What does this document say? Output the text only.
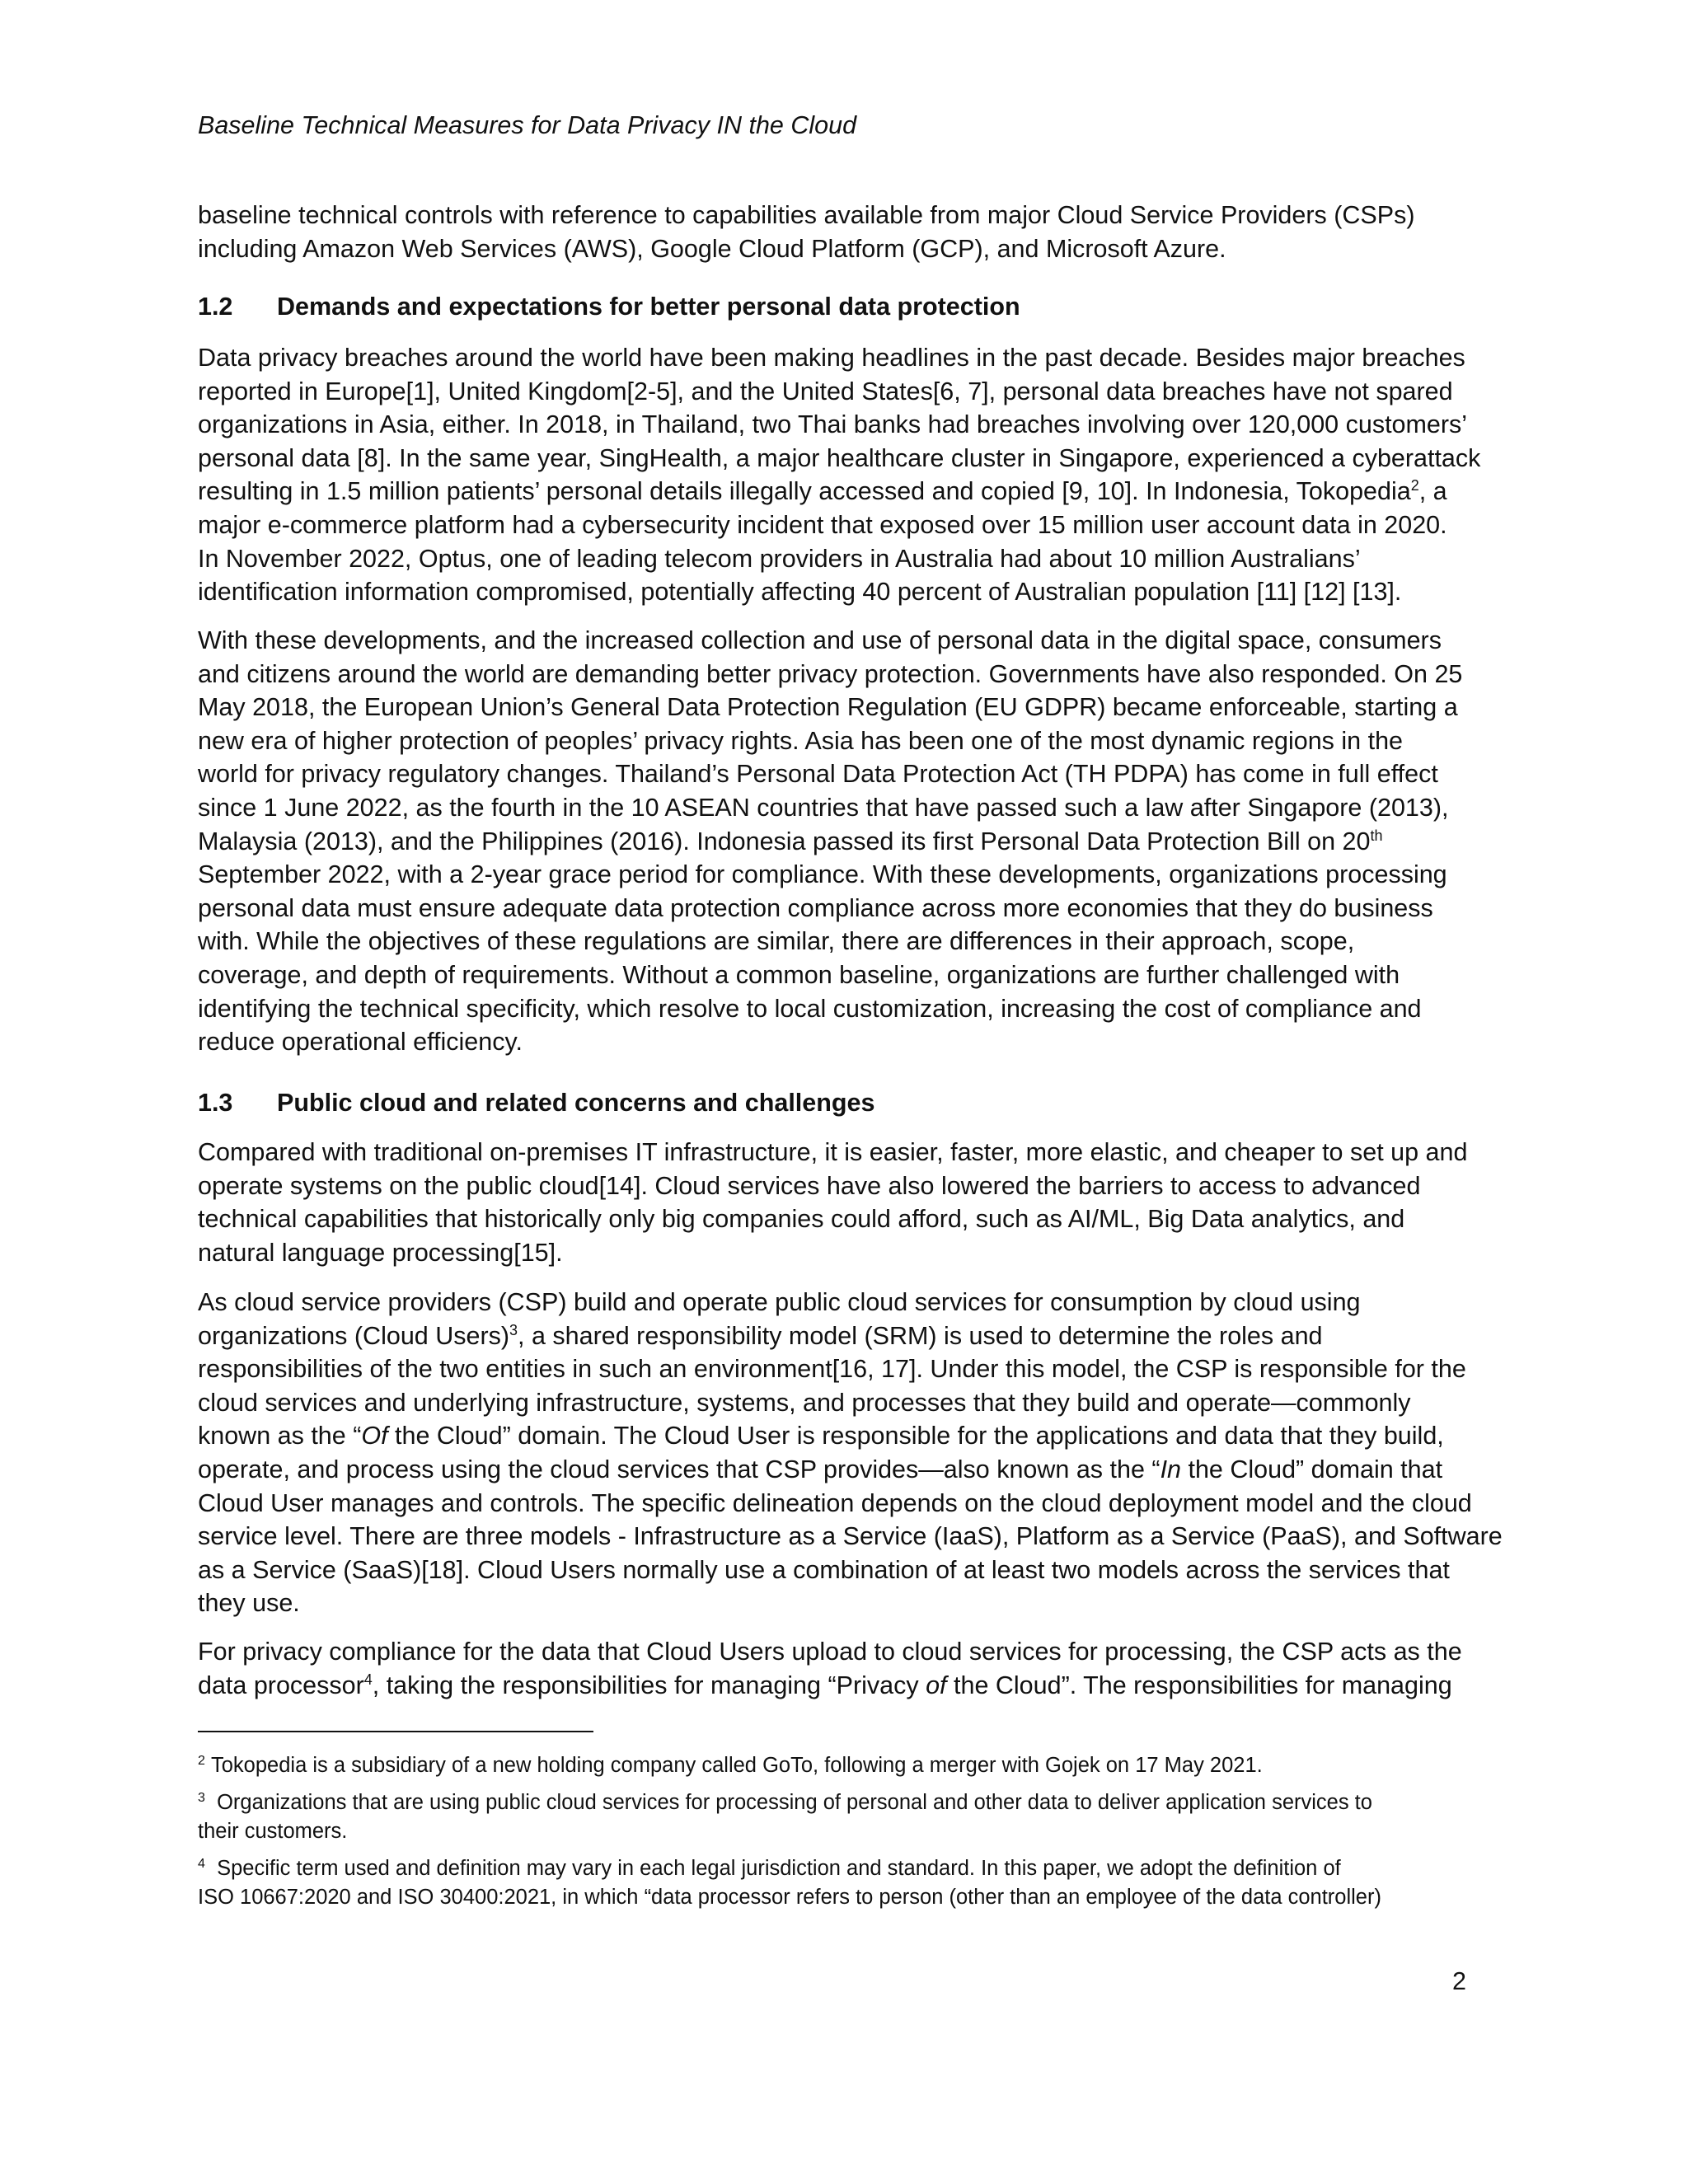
Baseline Technical Measures for Data Privacy IN the Cloud

baseline technical controls with reference to capabilities available from major Cloud Service Providers (CSPs)
including Amazon Web Services (AWS), Google Cloud Platform (GCP), and Microsoft Azure.

1.2 Demands and expectations for better personal data protection

Data privacy breaches around the world have been making headlines in the past decade. Besides major breaches
reported in Europe[1], United Kingdom[2-5], and the United States[6, 7], personal data breaches have not spared
organizations in Asia, either. In 2018, in Thailand, two Thai banks had breaches involving over 120,000 customers’
personal data [8]. In the same year, SingHealth, a major healthcare cluster in Singapore, experienced a cyberattack
resulting in 1.5 million patients’ personal details illegally accessed and copied [9, 10]. In Indonesia, Tokopedia$^2$, a
major e-commerce platform had a cybersecurity incident that exposed over 15 million user account data in 2020.
In November 2022, Optus, one of leading telecom providers in Australia had about 10 million Australians’
identification information compromised, potentially affecting 40 percent of Australian population [11] [12] [13].

With these developments, and the increased collection and use of personal data in the digital space, consumers
and citizens around the world are demanding better privacy protection. Governments have also responded. On 25
May 2018, the European Union’s General Data Protection Regulation (EU GDPR) became enforceable, starting a
new era of higher protection of peoples’ privacy rights. Asia has been one of the most dynamic regions in the
world for privacy regulatory changes. Thailand’s Personal Data Protection Act (TH PDPA) has come in full effect
since 1 June 2022, as the fourth in the 10 ASEAN countries that have passed such a law after Singapore (2013),
Malaysia (2013), and the Philippines (2016). Indonesia passed its first Personal Data Protection Bill on 20th
September 2022, with a 2-year grace period for compliance. With these developments, organizations processing
personal data must ensure adequate data protection compliance across more economies that they do business
with. While the objectives of these regulations are similar, there are differences in their approach, scope,
coverage, and depth of requirements. Without a common baseline, organizations are further challenged with
identifying the technical specificity, which resolve to local customization, increasing the cost of compliance and
reduce operational efficiency.

1.3 Public cloud and related concerns and challenges

Compared with traditional on-premises IT infrastructure, it is easier, faster, more elastic, and cheaper to set up and
operate systems on the public cloud[14]. Cloud services have also lowered the barriers to access to advanced
technical capabilities that historically only big companies could afford, such as AI/ML, Big Data analytics, and
natural language processing[15].

As cloud service providers (CSP) build and operate public cloud services for consumption by cloud using
organizations (Cloud Users)$^3$, a shared responsibility model (SRM) is used to determine the roles and
responsibilities of the two entities in such an environment[16, 17]. Under this model, the CSP is responsible for the
cloud services and underlying infrastructure, systems, and processes that they build and operate—commonly
known as the “Of the Cloud” domain. The Cloud User is responsible for the applications and data that they build,
operate, and process using the cloud services that CSP provides—also known as the “In the Cloud” domain that
Cloud User manages and controls. The specific delineation depends on the cloud deployment model and the cloud
service level. There are three models - Infrastructure as a Service (IaaS), Platform as a Service (PaaS), and Software
as a Service (SaaS)[18]. Cloud Users normally use a combination of at least two models across the services that
they use.

For privacy compliance for the data that Cloud Users upload to cloud services for processing, the CSP acts as the
data processor$^4$, taking the responsibilities for managing “Privacy of the Cloud”. The responsibilities for managing

$^2$ Tokopedia is a subsidiary of a new holding company called GoTo, following a merger with Gojek on 17 May 2021.

$^3$ Organizations that are using public cloud services for processing of personal and other data to deliver application services to
their customers.

$^4$ Specific term used and definition may vary in each legal jurisdiction and standard. In this paper, we adopt the definition of
ISO 10667:2020 and ISO 30400:2021, in which “data processor refers to person (other than an employee of the data controller)

2
